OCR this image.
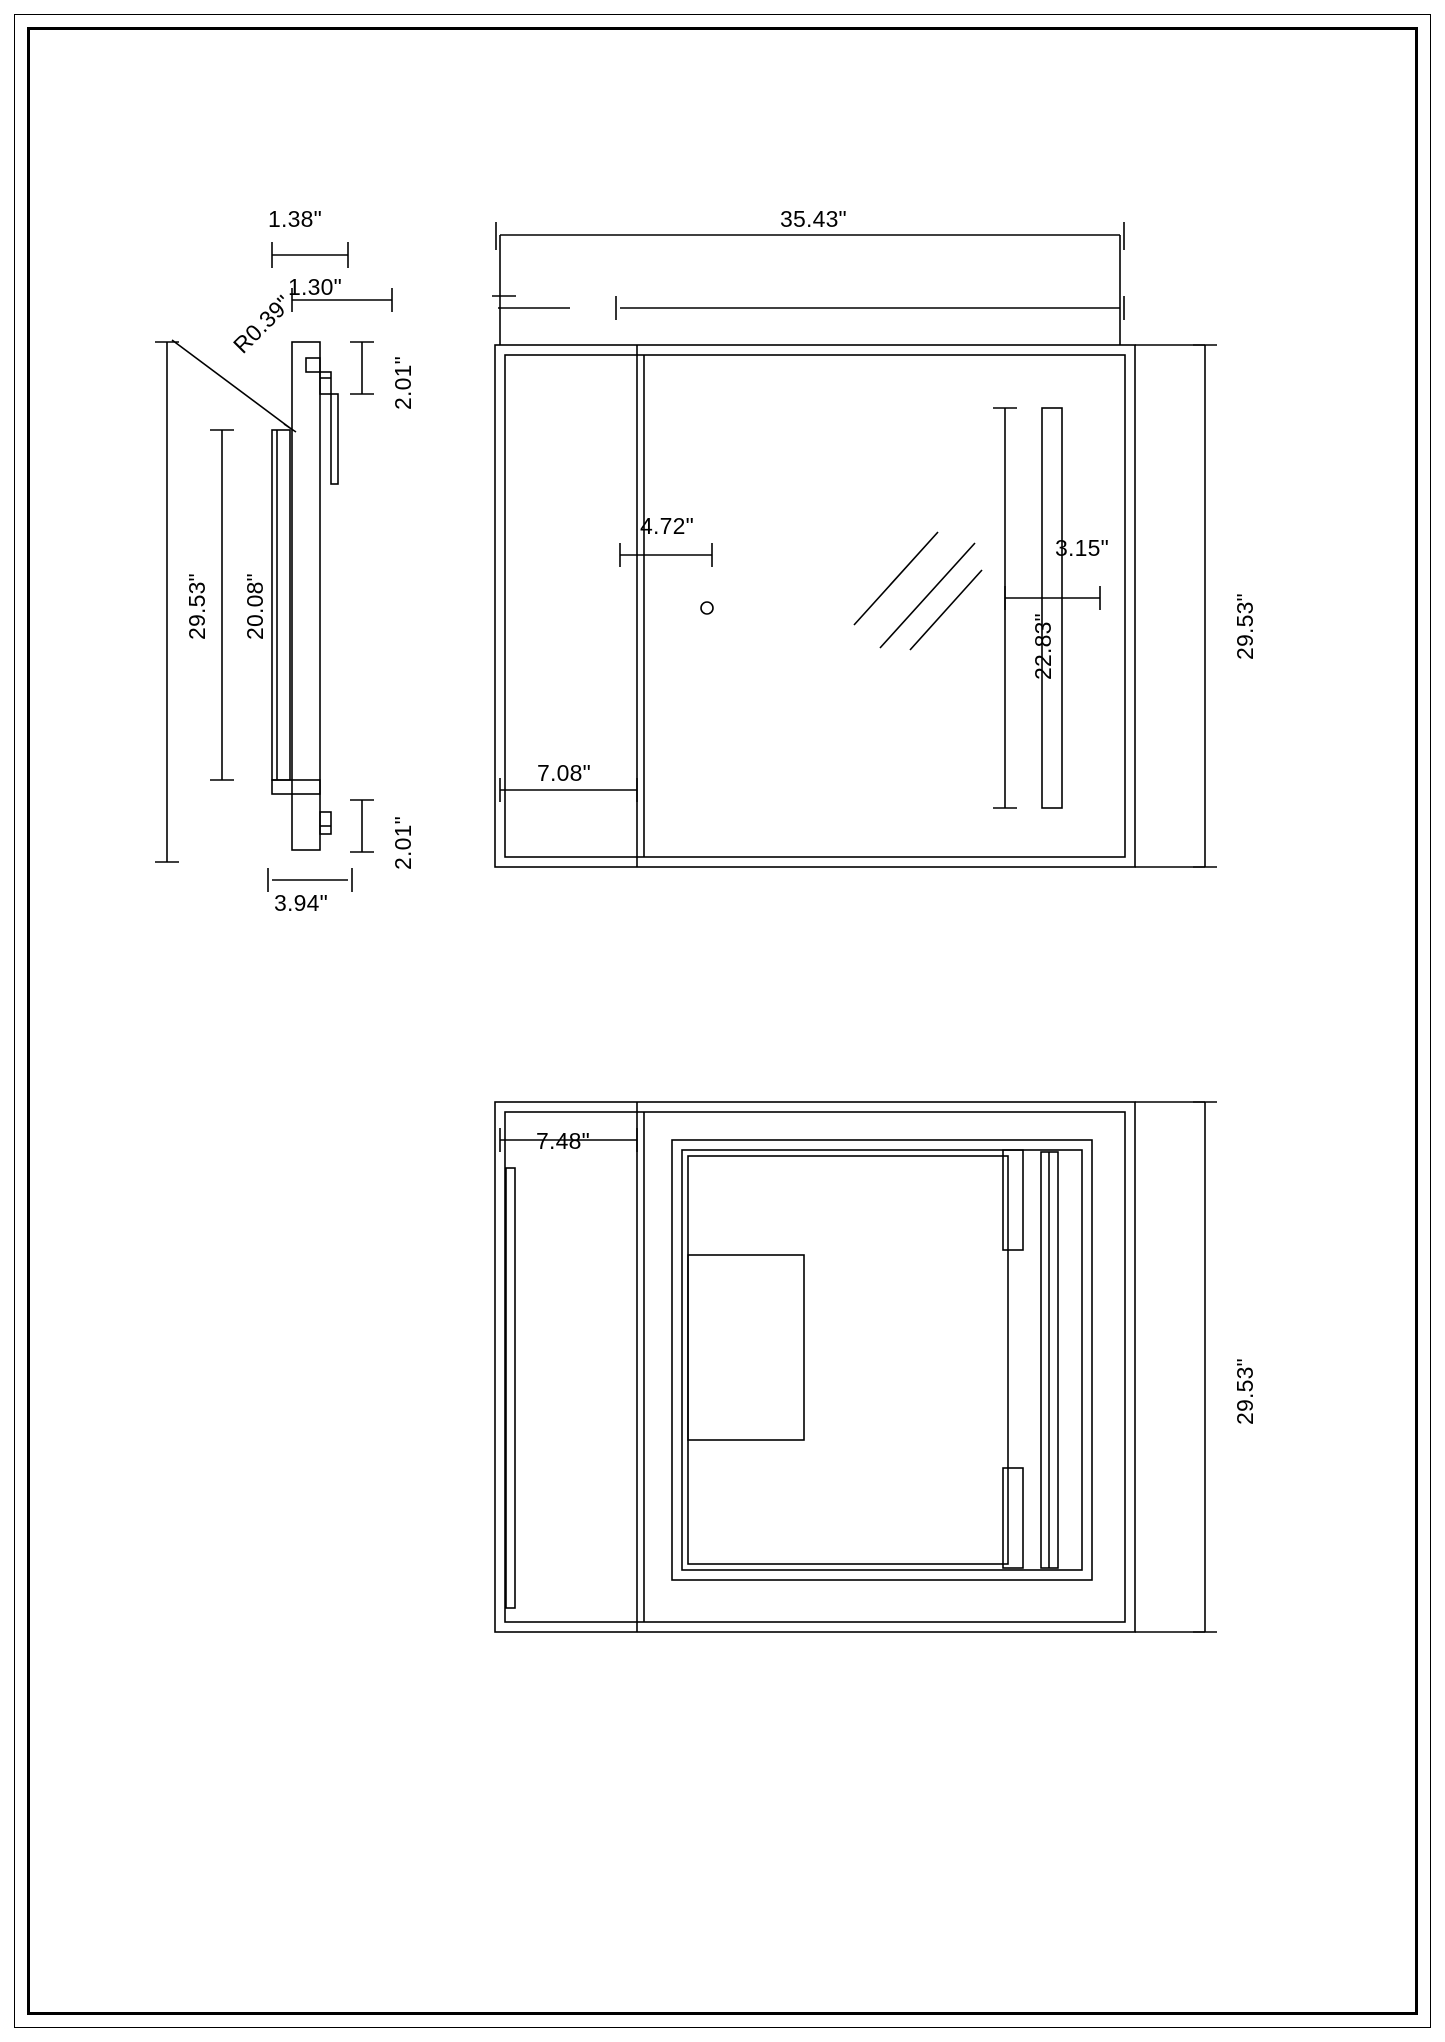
1.38"
1.30"
2.01"
R0.39"
29.53" 20.08"
2.01"
3.94"
35.43"
4.72"
3.15"
22.83"	29.53"
7.08"
7.48"
29.53"
